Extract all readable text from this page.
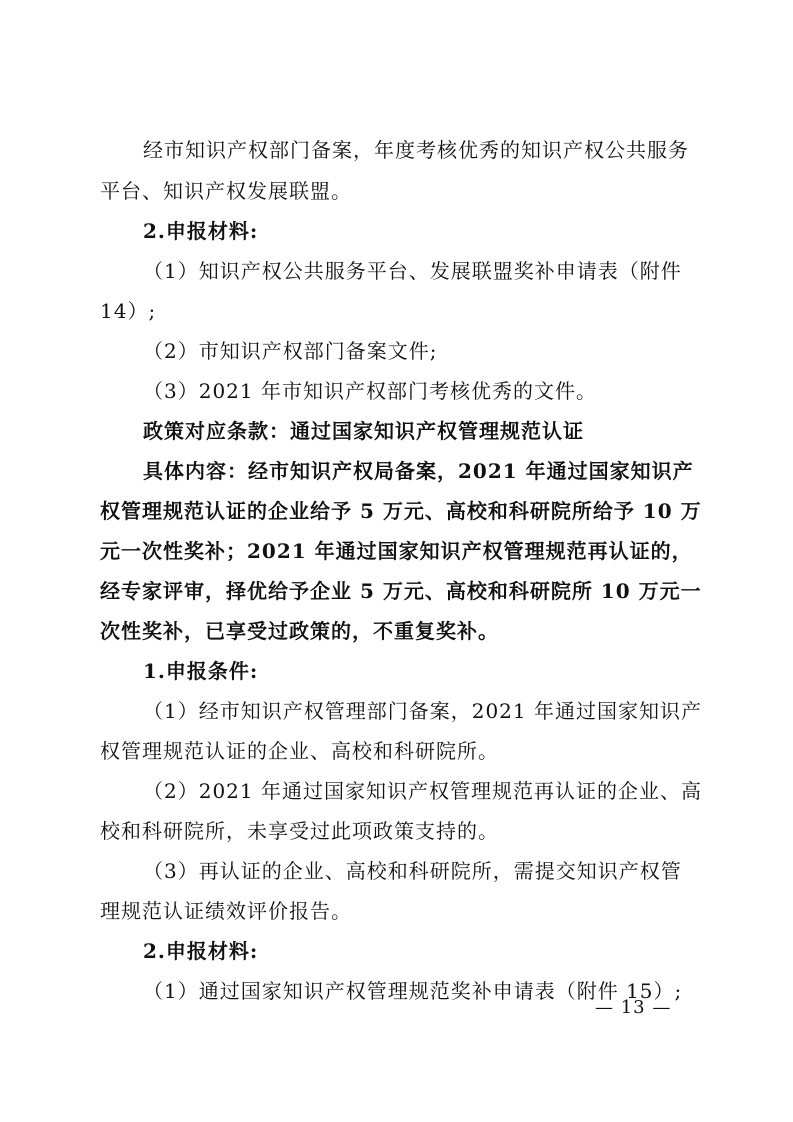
经市知识产权部门备案，年度考核优秀的知识产权公共服务
平台、知识产权发展联盟。
2.申报材料:
（1）知识产权公共服务平台、发展联盟奖补申请表（附件
14）;
（2）市知识产权部门备案文件;
（3）2021 年市知识产权部门考核优秀的文件。
政策对应条款：通过国家知识产权管理规范认证
具体内容：经市知识产权局备案，2021 年通过国家知识产
权管理规范认证的企业给予 5 万元、高校和科研院所给予 10 万
元一次性奖补；2021 年通过国家知识产权管理规范再认证的，
经专家评审，择优给予企业 5 万元、高校和科研院所 10 万元一
次性奖补，已享受过政策的，不重复奖补。
1.申报条件:
（1）经市知识产权管理部门备案，2021 年通过国家知识产
权管理规范认证的企业、高校和科研院所。
（2）2021 年通过国家知识产权管理规范再认证的企业、高
校和科研院所，未享受过此项政策支持的。
（3）再认证的企业、高校和科研院所，需提交知识产权管
理规范认证绩效评价报告。
2.申报材料:
（1）通过国家知识产权管理规范奖补申请表（附件 15）;
— 13 —
